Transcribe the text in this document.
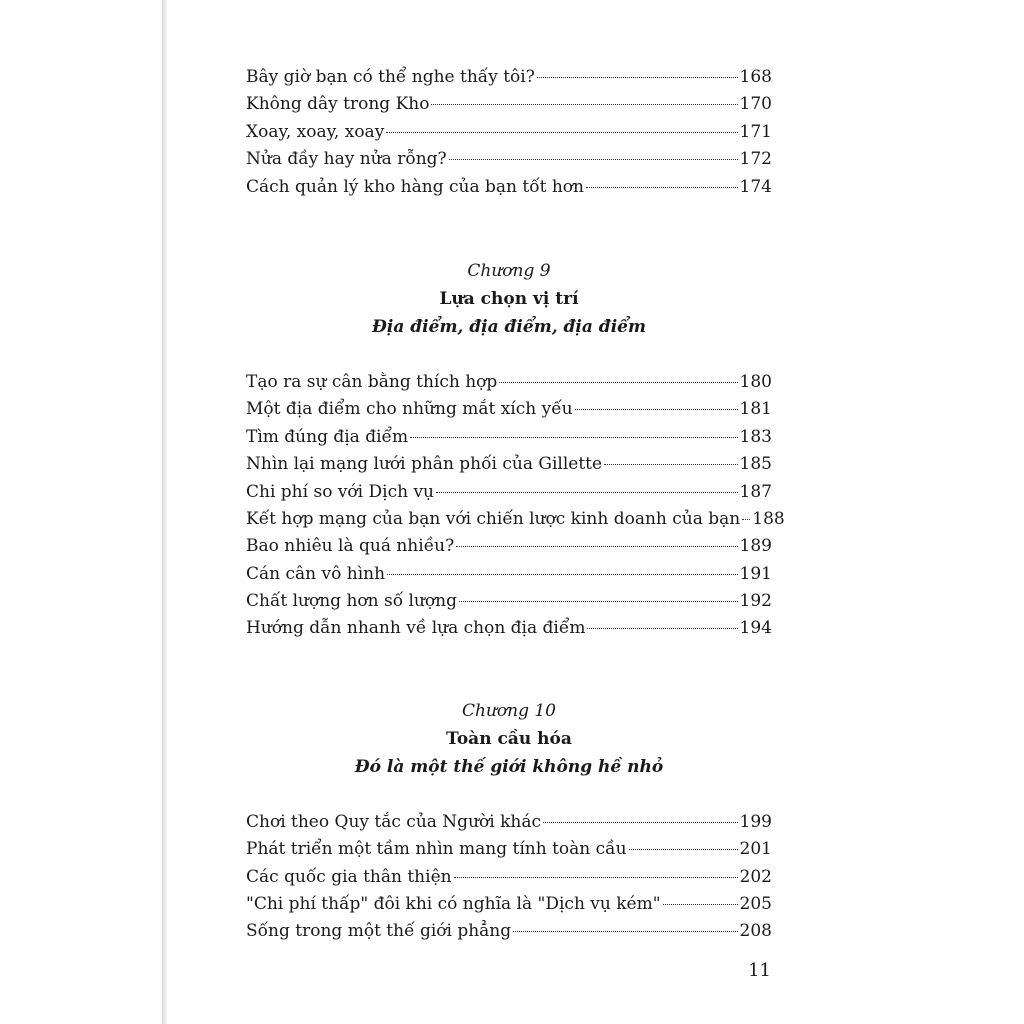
Bây giờ bạn có thể nghe thấy tôi?	168
Không dây trong Kho	170
Xoay, xoay, xoay	171
Nửa đầy hay nửa rỗng?	172
Cách quản lý kho hàng của bạn tốt hơn	174
Chương 9
Lựa chọn vị trí
Địa điểm, địa điểm, địa điểm
Tạo ra sự cân bằng thích hợp	180
Một địa điểm cho những mắt xích yếu	181
Tìm đúng địa điểm	183
Nhìn lại mạng lưới phân phối của Gillette	185
Chi phí so với Dịch vụ	187
Kết hợp mạng của bạn với chiến lược kinh doanh của bạn 188
Bao nhiêu là quá nhiều?	189
Cán cân vô hình	191
Chất lượng hơn số lượng	192
Hướng dẫn nhanh về lựa chọn địa điểm	194
Chương 10
Toàn cầu hóa
Đó là một thế giới không hề nhỏ
Chơi theo Quy tắc của Người khác	199
Phát triển một tầm nhìn mang tính toàn cầu	201
Các quốc gia thân thiện	202
"Chi phí thấp" đôi khi có nghĩa là "Dịch vụ kém"	205
Sống trong một thế giới phẳng	208
11
